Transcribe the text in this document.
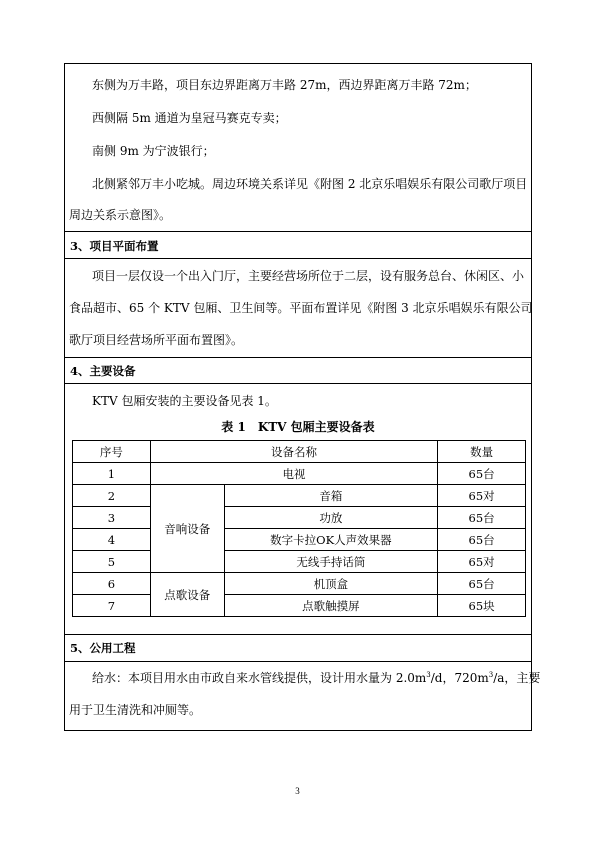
东侧为万丰路，项目东边界距离万丰路 27m，西边界距离万丰路 72m；
西侧隔 5m 通道为皇冠马赛克专卖；
南侧 9m 为宁波银行；
北侧紧邻万丰小吃城。周边环境关系详见《附图 2 北京乐唱娱乐有限公司歌厅项目
周边关系示意图》。
3、项目平面布置
项目一层仅设一个出入门厅，主要经营场所位于二层，设有服务总台、休闲区、小
食品超市、65 个 KTV 包厢、卫生间等。平面布置详见《附图 3 北京乐唱娱乐有限公司
歌厅项目经营场所平面布置图》。
4、主要设备
KTV 包厢安装的主要设备见表 1。
表 1　KTV 包厢主要设备表
序号	设备名称		数量
1	电视		65台
2	音响设备	音箱	65对
3		功放	65台
4		数字卡拉OK人声效果器	65台
5		无线手持话筒	65对
6	点歌设备	机顶盒	65台
7		点歌触摸屏	65块
5、公用工程
给水：本项目用水由市政自来水管线提供，设计用水量为 $2.0m^3/d$，$720m^3/a$，主要
用于卫生清洗和冲厕等。
3
